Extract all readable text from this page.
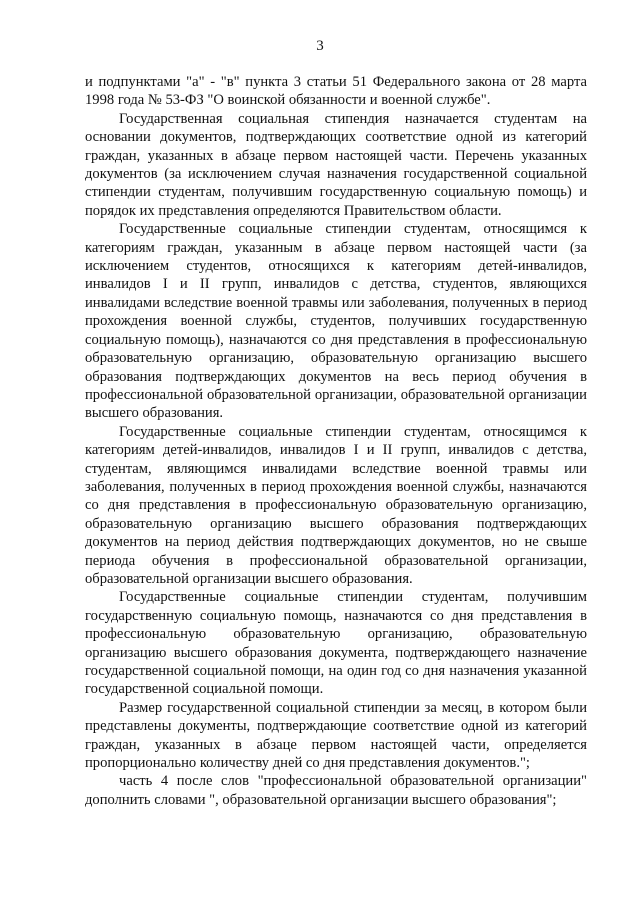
3

и подпунктами "а" - "в" пункта 3 статьи 51 Федерального закона от 28 марта 1998 года № 53-ФЗ "О воинской обязанности и военной службе".

Государственная социальная стипендия назначается студентам на основании документов, подтверждающих соответствие одной из категорий граждан, указанных в абзаце первом настоящей части. Перечень указанных документов (за исключением случая назначения государственной социальной стипендии студентам, получившим государственную социальную помощь) и порядок их представления определяются Правительством области.

Государственные социальные стипендии студентам, относящимся к категориям граждан, указанным в абзаце первом настоящей части (за исключением студентов, относящихся к категориям детей-инвалидов, инвалидов I и II групп, инвалидов с детства, студентов, являющихся инвалидами вследствие военной травмы или заболевания, полученных в период прохождения военной службы, студентов, получивших государственную социальную помощь), назначаются со дня представления в профессиональную образовательную организацию, образовательную организацию высшего образования подтверждающих документов на весь период обучения в профессиональной образовательной организации, образовательной организации высшего образования.

Государственные социальные стипендии студентам, относящимся к категориям детей-инвалидов, инвалидов I и II групп, инвалидов с детства, студентам, являющимся инвалидами вследствие военной травмы или заболевания, полученных в период прохождения военной службы, назначаются со дня представления в профессиональную образовательную организацию, образовательную организацию высшего образования подтверждающих документов на период действия подтверждающих документов, но не свыше периода обучения в профессиональной образовательной организации, образовательной организации высшего образования.

Государственные социальные стипендии студентам, получившим государственную социальную помощь, назначаются со дня представления в профессиональную образовательную организацию, образовательную организацию высшего образования документа, подтверждающего назначение государственной социальной помощи, на один год со дня назначения указанной государственной социальной помощи.

Размер государственной социальной стипендии за месяц, в котором были представлены документы, подтверждающие соответствие одной из категорий граждан, указанных в абзаце первом настоящей части, определяется пропорционально количеству дней со дня представления документов.";

часть 4 после слов "профессиональной образовательной организации" дополнить словами ", образовательной организации высшего образования";
